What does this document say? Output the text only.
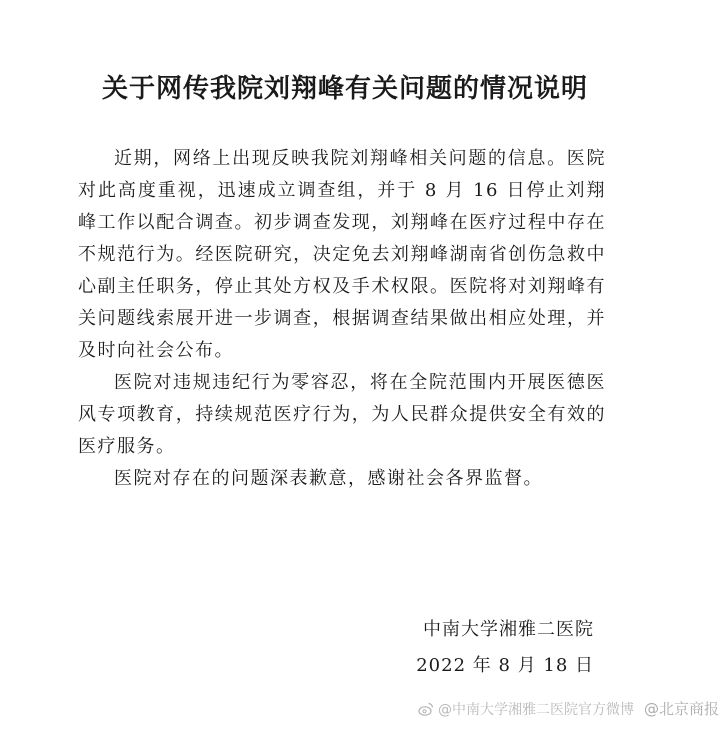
关于网传我院刘翔峰有关问题的情况说明

近期，网络上出现反映我院刘翔峰相关问题的信息。医院对此高度重视，迅速成立调查组，并于 8 月 16 日停止刘翔峰工作以配合调查。初步调查发现，刘翔峰在医疗过程中存在不规范行为。经医院研究，决定免去刘翔峰湖南省创伤急救中心副主任职务，停止其处方权及手术权限。医院将对刘翔峰有关问题线索展开进一步调查，根据调查结果做出相应处理，并及时向社会公布。

医院对违规违纪行为零容忍，将在全院范围内开展医德医风专项教育，持续规范医疗行为，为人民群众提供安全有效的医疗服务。

医院对存在的问题深表歉意，感谢社会各界监督。

中南大学湘雅二医院
2022 年 8 月 18 日
@中南大学湘雅二医院官方微博 @北京商报
